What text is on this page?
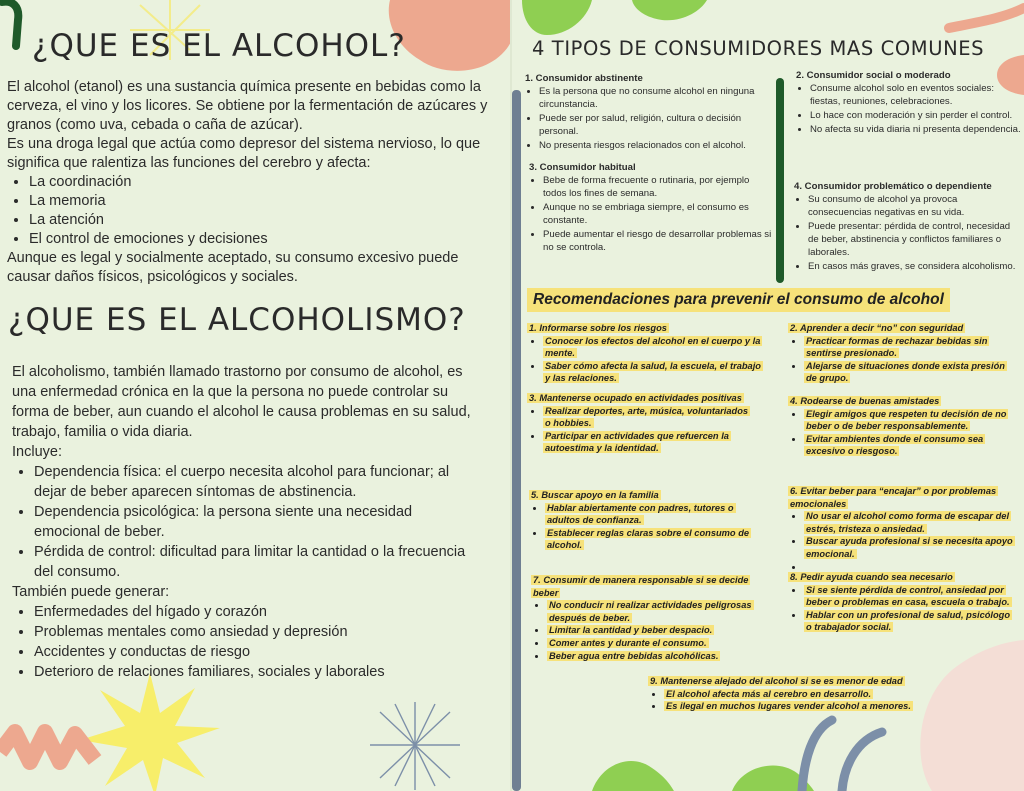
¿QUE ES EL ALCOHOL?

El alcohol (etanol) es una sustancia química presente en bebidas como la cerveza, el vino y los licores. Se obtiene por la fermentación de azúcares y granos (como uva, cebada o caña de azúcar).

Es una droga legal que actúa como depresor del sistema nervioso, lo que significa que ralentiza las funciones del cerebro y afecta:

• La coordinación
• La memoria
• La atención
• El control de emociones y decisiones

Aunque es legal y socialmente aceptado, su consumo excesivo puede causar daños físicos, psicológicos y sociales.

¿QUE ES EL ALCOHOLISMO?

El alcoholismo, también llamado trastorno por consumo de alcohol, es una enfermedad crónica en la que la persona no puede controlar su forma de beber, aun cuando el alcohol le causa problemas en su salud, trabajo, familia o vida diaria.

Incluye:

• Dependencia física: el cuerpo necesita alcohol para funcionar; al dejar de beber aparecen síntomas de abstinencia.
• Dependencia psicológica: la persona siente una necesidad emocional de beber.
• Pérdida de control: dificultad para limitar la cantidad o la frecuencia del consumo.

También puede generar:

• Enfermedades del hígado y corazón
• Problemas mentales como ansiedad y depresión
• Accidentes y conductas de riesgo
• Deterioro de relaciones familiares, sociales y laborales
4 TIPOS DE CONSUMIDORES MAS COMUNES
1. Consumidor abstinente
• Es la persona que no consume alcohol en ninguna circunstancia.
• Puede ser por salud, religión, cultura o decisión personal.
• No presenta riesgos relacionados con el alcohol.
2. Consumidor social o moderado
• Consume alcohol solo en eventos sociales: fiestas, reuniones, celebraciones.
• Lo hace con moderación y sin perder el control.
• No afecta su vida diaria ni presenta dependencia.
3. Consumidor habitual
• Bebe de forma frecuente o rutinaria, por ejemplo todos los fines de semana.
• Aunque no se embriaga siempre, el consumo es constante.
• Puede aumentar el riesgo de desarrollar problemas si no se controla.
4. Consumidor problemático o dependiente
• Su consumo de alcohol ya provoca consecuencias negativas en su vida.
• Puede presentar: pérdida de control, necesidad de beber, abstinencia y conflictos familiares o laborales.
• En casos más graves, se considera alcoholismo.
Recomendaciones para prevenir el consumo de alcohol
1. Informarse sobre los riesgos
• Conocer los efectos del alcohol en el cuerpo y la mente.
• Saber cómo afecta la salud, la escuela, el trabajo y las relaciones.
2. Aprender a decir “no” con seguridad
• Practicar formas de rechazar bebidas sin sentirse presionado.
• Alejarse de situaciones donde exista presión de grupo.
3. Mantenerse ocupado en actividades positivas
• Realizar deportes, arte, música, voluntariados o hobbies.
• Participar en actividades que refuercen la autoestima y la identidad.
4. Rodearse de buenas amistades
• Elegir amigos que respeten tu decisión de no beber o de beber responsablemente.
• Evitar ambientes donde el consumo sea excesivo o riesgoso.
5. Buscar apoyo en la familia
• Hablar abiertamente con padres, tutores o adultos de confianza.
• Establecer reglas claras sobre el consumo de alcohol.
6. Evitar beber para “encajar” o por problemas emocionales
• No usar el alcohol como forma de escapar del estrés, tristeza o ansiedad.
• Buscar ayuda profesional si se necesita apoyo emocional.
•
7. Consumir de manera responsable si se decide beber
• No conducir ni realizar actividades peligrosas después de beber.
• Limitar la cantidad y beber despacio.
• Comer antes y durante el consumo.
• Beber agua entre bebidas alcohólicas.
8. Pedir ayuda cuando sea necesario
• Si se siente pérdida de control, ansiedad por beber o problemas en casa, escuela o trabajo.
• Hablar con un profesional de salud, psicólogo o trabajador social.
9. Mantenerse alejado del alcohol si se es menor de edad
• El alcohol afecta más al cerebro en desarrollo.
• Es ilegal en muchos lugares vender alcohol a menores.
